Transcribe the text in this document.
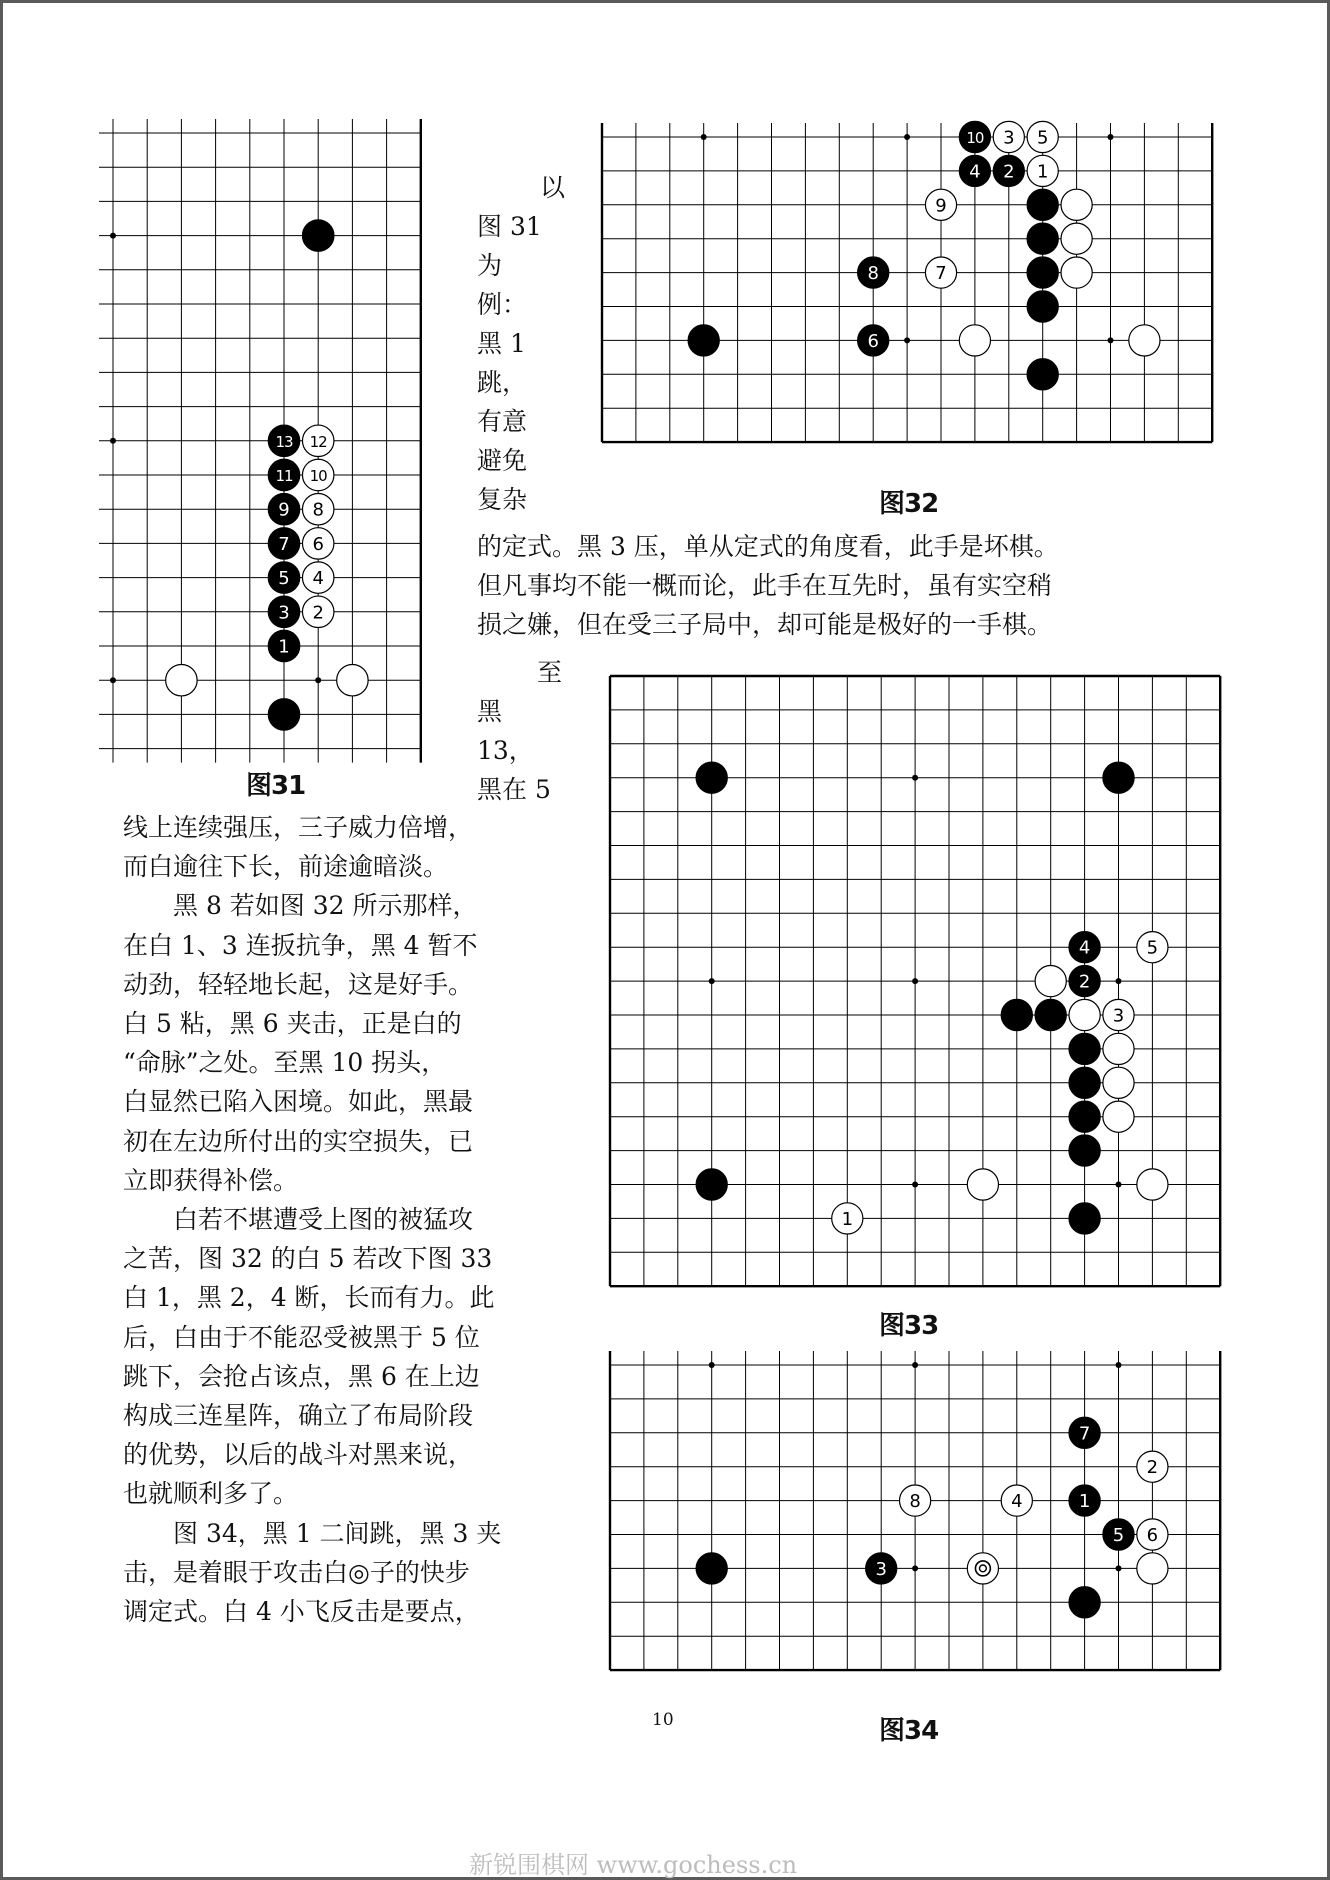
13 12
11 10
9 8
7 6
5 4
3 2
1
图31
以
图 31
为
例：
黑 1
跳，
有意
避免
复杂
至
黑
13，
黑在 5
10 3 5
4 2 1
9
8	7
6
图32
的定式。黑 3 压，单从定式的角度看，此手是坏棋。
但凡事均不能一概而论，此手在互先时，虽有实空稍
损之嫌，但在受三子局中，却可能是极好的一手棋。
4	5
2
3
1
图33
线上连续强压，三子威力倍增，
而白逾往下长，前途逾暗淡。
　　黑 8 若如图 32 所示那样，
在白 1、3 连扳抗争，黑 4 暂不
动劲，轻轻地长起，这是好手。
白 5 粘，黑 6 夹击，正是白的
“命脉”之处。至黑 10 拐头，
白显然已陷入困境。如此，黑最
初在左边所付出的实空损失，已
立即获得补偿。
　　白若不堪遭受上图的被猛攻
之苦，图 32 的白 5 若改下图 33
白 1，黑 2，4 断，长而有力。此
后，白由于不能忍受被黑于 5 位
跳下，会抢占该点，黑 6 在上边
构成三连星阵，确立了布局阶段
的优势，以后的战斗对黑来说，
也就顺利多了。
　　图 34，黑 1 二间跳，黑 3 夹
击，是着眼于攻击白◎子的快步
调定式。白 4 小飞反击是要点，
7
2
8	4	1
5 6
3	◎
图34
10
新锐围棋网 www.gochess.cn
